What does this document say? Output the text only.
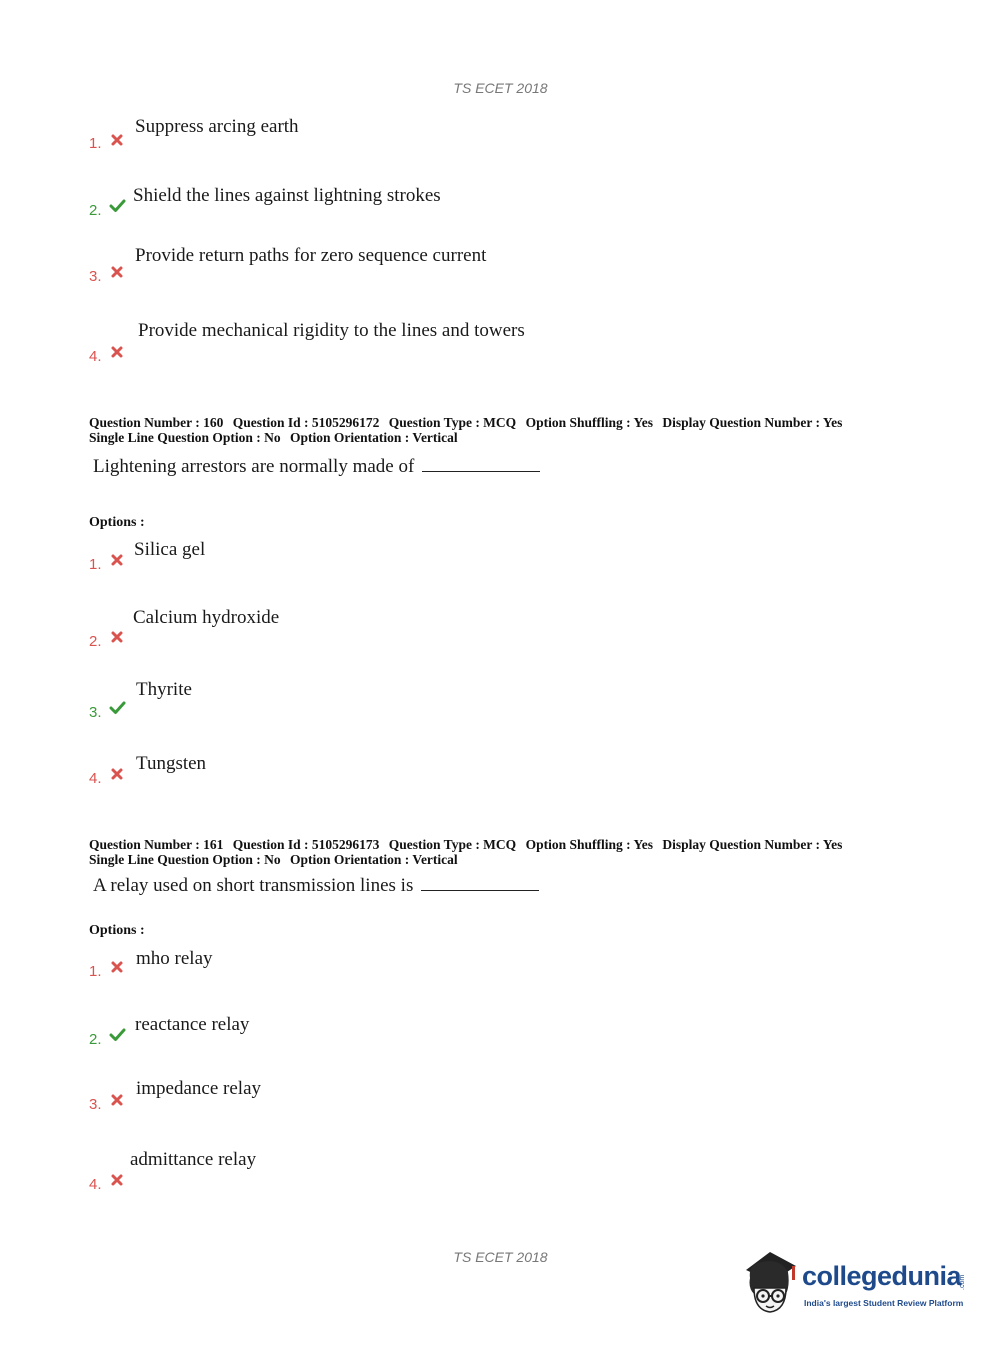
TS ECET 2018
1.
Suppress arcing earth
2.
Shield the lines against lightning strokes
3.
Provide return paths for zero sequence current
4.
Provide mechanical rigidity to the lines and towers
Question Number : 160 Question Id : 5105296172 Question Type : MCQ Option Shuffling : Yes Display Question Number : Yes
Single Line Question Option : No Option Orientation : Vertical
Lightening arrestors are normally made of
Options :
1.
Silica gel
2.
Calcium hydroxide
3.
Thyrite
4.
Tungsten
Question Number : 161 Question Id : 5105296173 Question Type : MCQ Option Shuffling : Yes Display Question Number : Yes
Single Line Question Option : No Option Orientation : Vertical
A relay used on short transmission lines is
Options :
1.
mho relay
2.
reactance relay
3.
impedance relay
4.
admittance relay
TS ECET 2018
collegedunia
.com
India's largest Student Review Platform
